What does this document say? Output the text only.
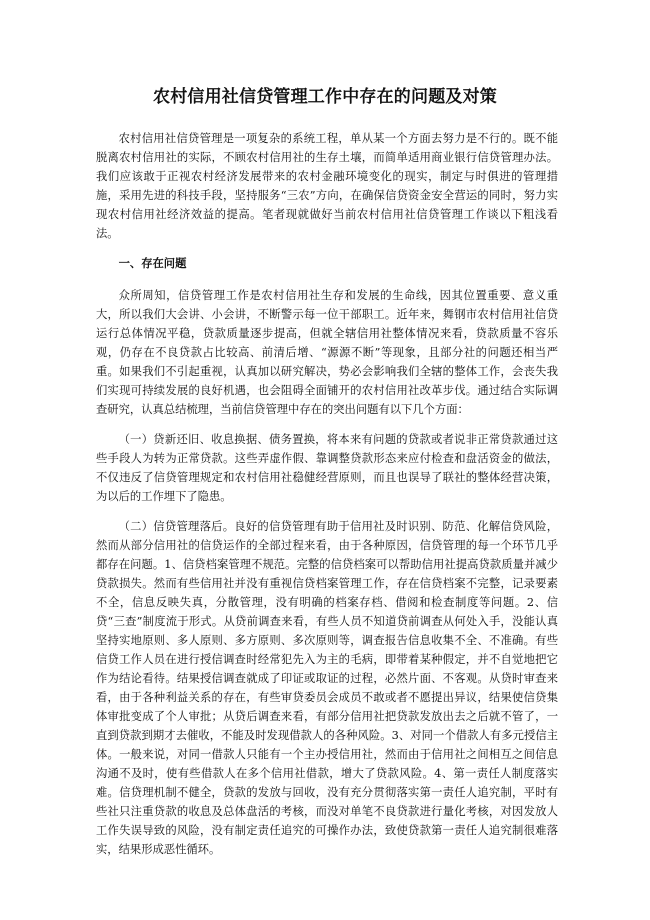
农村信用社信贷管理工作中存在的问题及对策

农村信用社信贷管理是一项复杂的系统工程，单从某一个方面去努力是不行的。既不能脱离农村信用社的实际，不顾农村信用社的生存土壤，而简单适用商业银行信贷管理办法。我们应该敢于正视农村经济发展带来的农村金融环境变化的现实，制定与时俱进的管理措施，采用先进的科技手段，坚持服务“三农”方向，在确保信贷资金安全营运的同时，努力实现农村信用社经济效益的提高。笔者现就做好当前农村信用社信贷管理工作谈以下粗浅看法。

一、存在问题

众所周知，信贷管理工作是农村信用社生存和发展的生命线，因其位置重要、意义重大，所以我们大会讲、小会讲，不断警示每一位干部职工。近年来，舞钢市农村信用社信贷运行总体情况平稳，贷款质量逐步提高，但就全辖信用社整体情况来看，贷款质量不容乐观，仍存在不良贷款占比较高、前清后增、“源源不断”等现象，且部分社的问题还相当严重。如果我们不引起重视，认真加以研究解决，势必会影响我们全辖的整体工作，会丧失我们实现可持续发展的良好机遇，也会阻碍全面铺开的农村信用社改革步伐。通过结合实际调查研究，认真总结梳理，当前信贷管理中存在的突出问题有以下几个方面：

（一）贷新还旧、收息换据、债务置换，将本来有问题的贷款或者说非正常贷款通过这些手段人为转为正常贷款。这些弄虚作假、靠调整贷款形态来应付检查和盘活资金的做法，不仅违反了信贷管理规定和农村信用社稳健经营原则，而且也误导了联社的整体经营决策，为以后的工作埋下了隐患。

（二）信贷管理落后。良好的信贷管理有助于信用社及时识别、防范、化解信贷风险，然而从部分信用社的信贷运作的全部过程来看，由于各种原因，信贷管理的每一个环节几乎都存在问题。1、信贷档案管理不规范。完整的信贷档案可以帮助信用社提高贷款质量并减少贷款损失。然而有些信用社并没有重视信贷档案管理工作，存在信贷档案不完整，记录要素不全，信息反映失真，分散管理，没有明确的档案存档、借阅和检查制度等问题。2、信贷“三查”制度流于形式。从贷前调查来看，有些人员不知道贷前调查从何处入手，没能认真坚持实地原则、多人原则、多方原则、多次原则等，调查报告信息收集不全、不准确。有些信贷工作人员在进行授信调查时经常犯先入为主的毛病，即带着某种假定，并不自觉地把它作为结论看待。结果授信调查就成了印证或取证的过程，必然片面、不客观。从贷时审查来看，由于各种利益关系的存在，有些审贷委员会成员不敢或者不愿提出异议，结果使信贷集体审批变成了个人审批；从贷后调查来看，有部分信用社把贷款发放出去之后就不管了，一直到贷款到期才去催收，不能及时发现借款人的各种风险。3、对同一个借款人有多元授信主体。一般来说，对同一借款人只能有一个主办授信用社，然而由于信用社之间相互之间信息沟通不及时，使有些借款人在多个信用社借款，增大了贷款风险。4、第一责任人制度落实难。信贷理机制不健全，贷款的发放与回收，没有充分贯彻落实第一责任人追究制，平时有些社只注重贷款的收息及总体盘活的考核，而没对单笔不良贷款进行量化考核，对因发放人工作失误导致的风险，没有制定责任追究的可操作办法，致使贷款第一责任人追究制很难落实，结果形成恶性循环。
